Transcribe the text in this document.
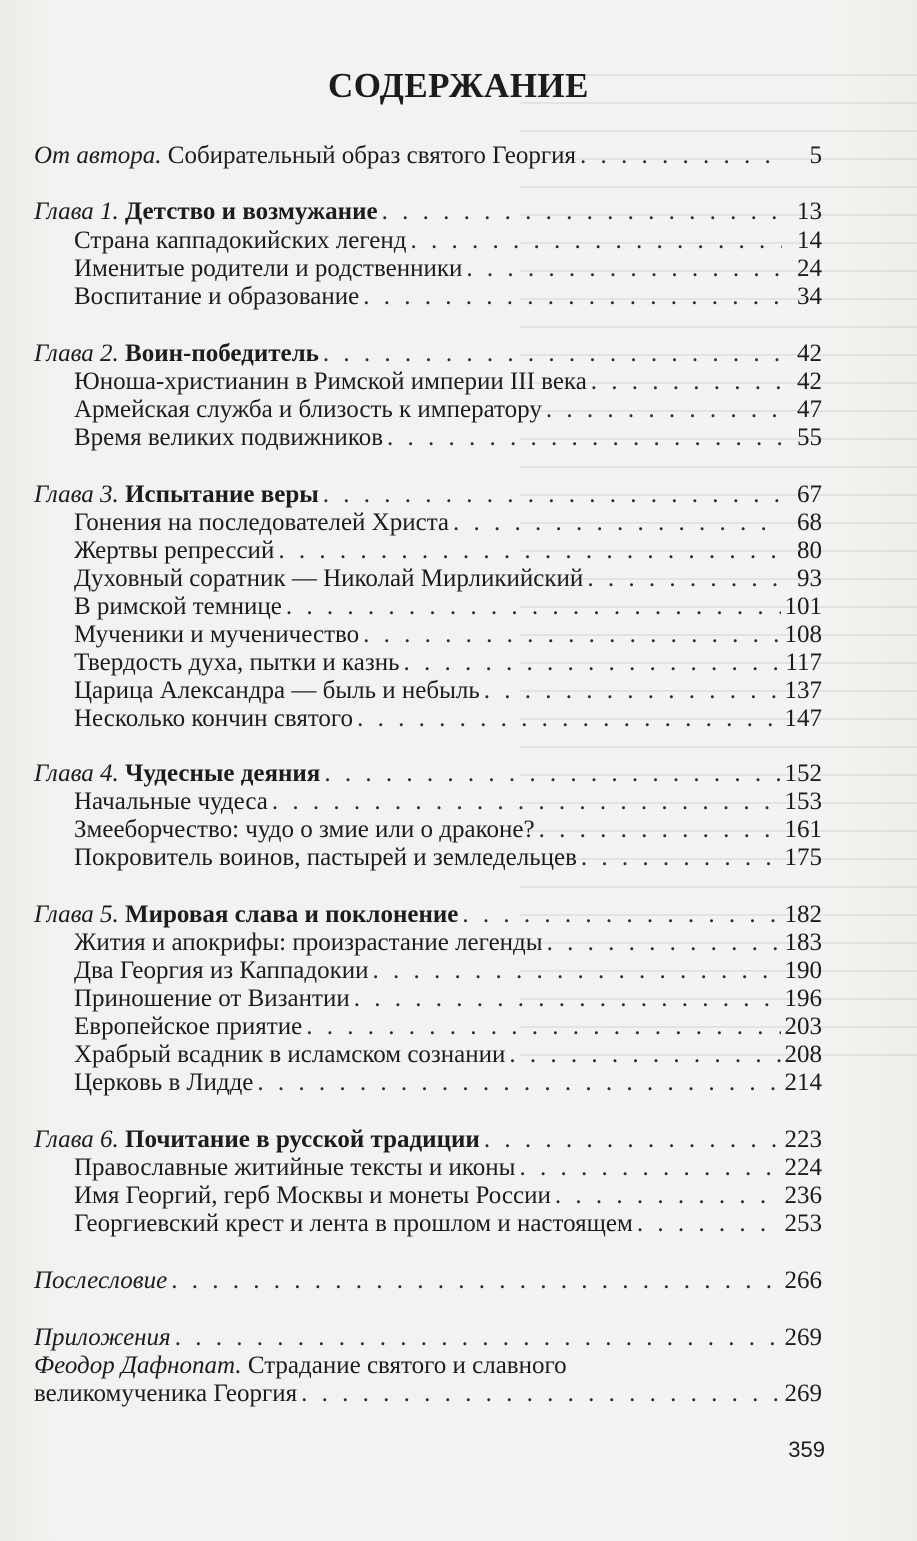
СОДЕРЖАНИЕ
От автора. Собирательный образ святого Георгия . . .	5
Глава 1. Детство и возмужание . . .	13
Страна каппадокийских легенд . . .	14
Именитые родители и родственники . . .	24
Воспитание и образование . . .	34
Глава 2. Воин-победитель . . .	42
Юноша-христианин в Римской империи III века . . .	42
Армейская служба и близость к императору . . .	47
Время великих подвижников . . .	55
Глава 3. Испытание веры . . .	67
Гонения на последователей Христа . . .	68
Жертвы репрессий . . .	80
Духовный соратник — Николай Мирликийский . . .	93
В римской темнице . . .	101
Мученики и мученичество . . .	108
Твердость духа, пытки и казнь . . .	117
Царица Александра — быль и небыль . . .	137
Несколько кончин святого . . .	147
Глава 4. Чудесные деяния . . .	152
Начальные чудеса . . .	153
Змееборчество: чудо о змие или о драконе? . . .	161
Покровитель воинов, пастырей и земледельцев . . .	175
Глава 5. Мировая слава и поклонение . . .	182
Жития и апокрифы: произрастание легенды . . .	183
Два Георгия из Каппадокии . . .	190
Приношение от Византии . . .	196
Европейское приятие . . .	203
Храбрый всадник в исламском сознании . . .	208
Церковь в Лидде . . .	214
Глава 6. Почитание в русской традиции . . .	223
Православные житийные тексты и иконы . . .	224
Имя Георгий, герб Москвы и монеты России . . .	236
Георгиевский крест и лента в прошлом и настоящем . . .	253
Послесловие . . .	266
Приложения . . .	269
Феодор Дафнопат. Страдание святого и славного
великомученика Георгия . . .	269
359
